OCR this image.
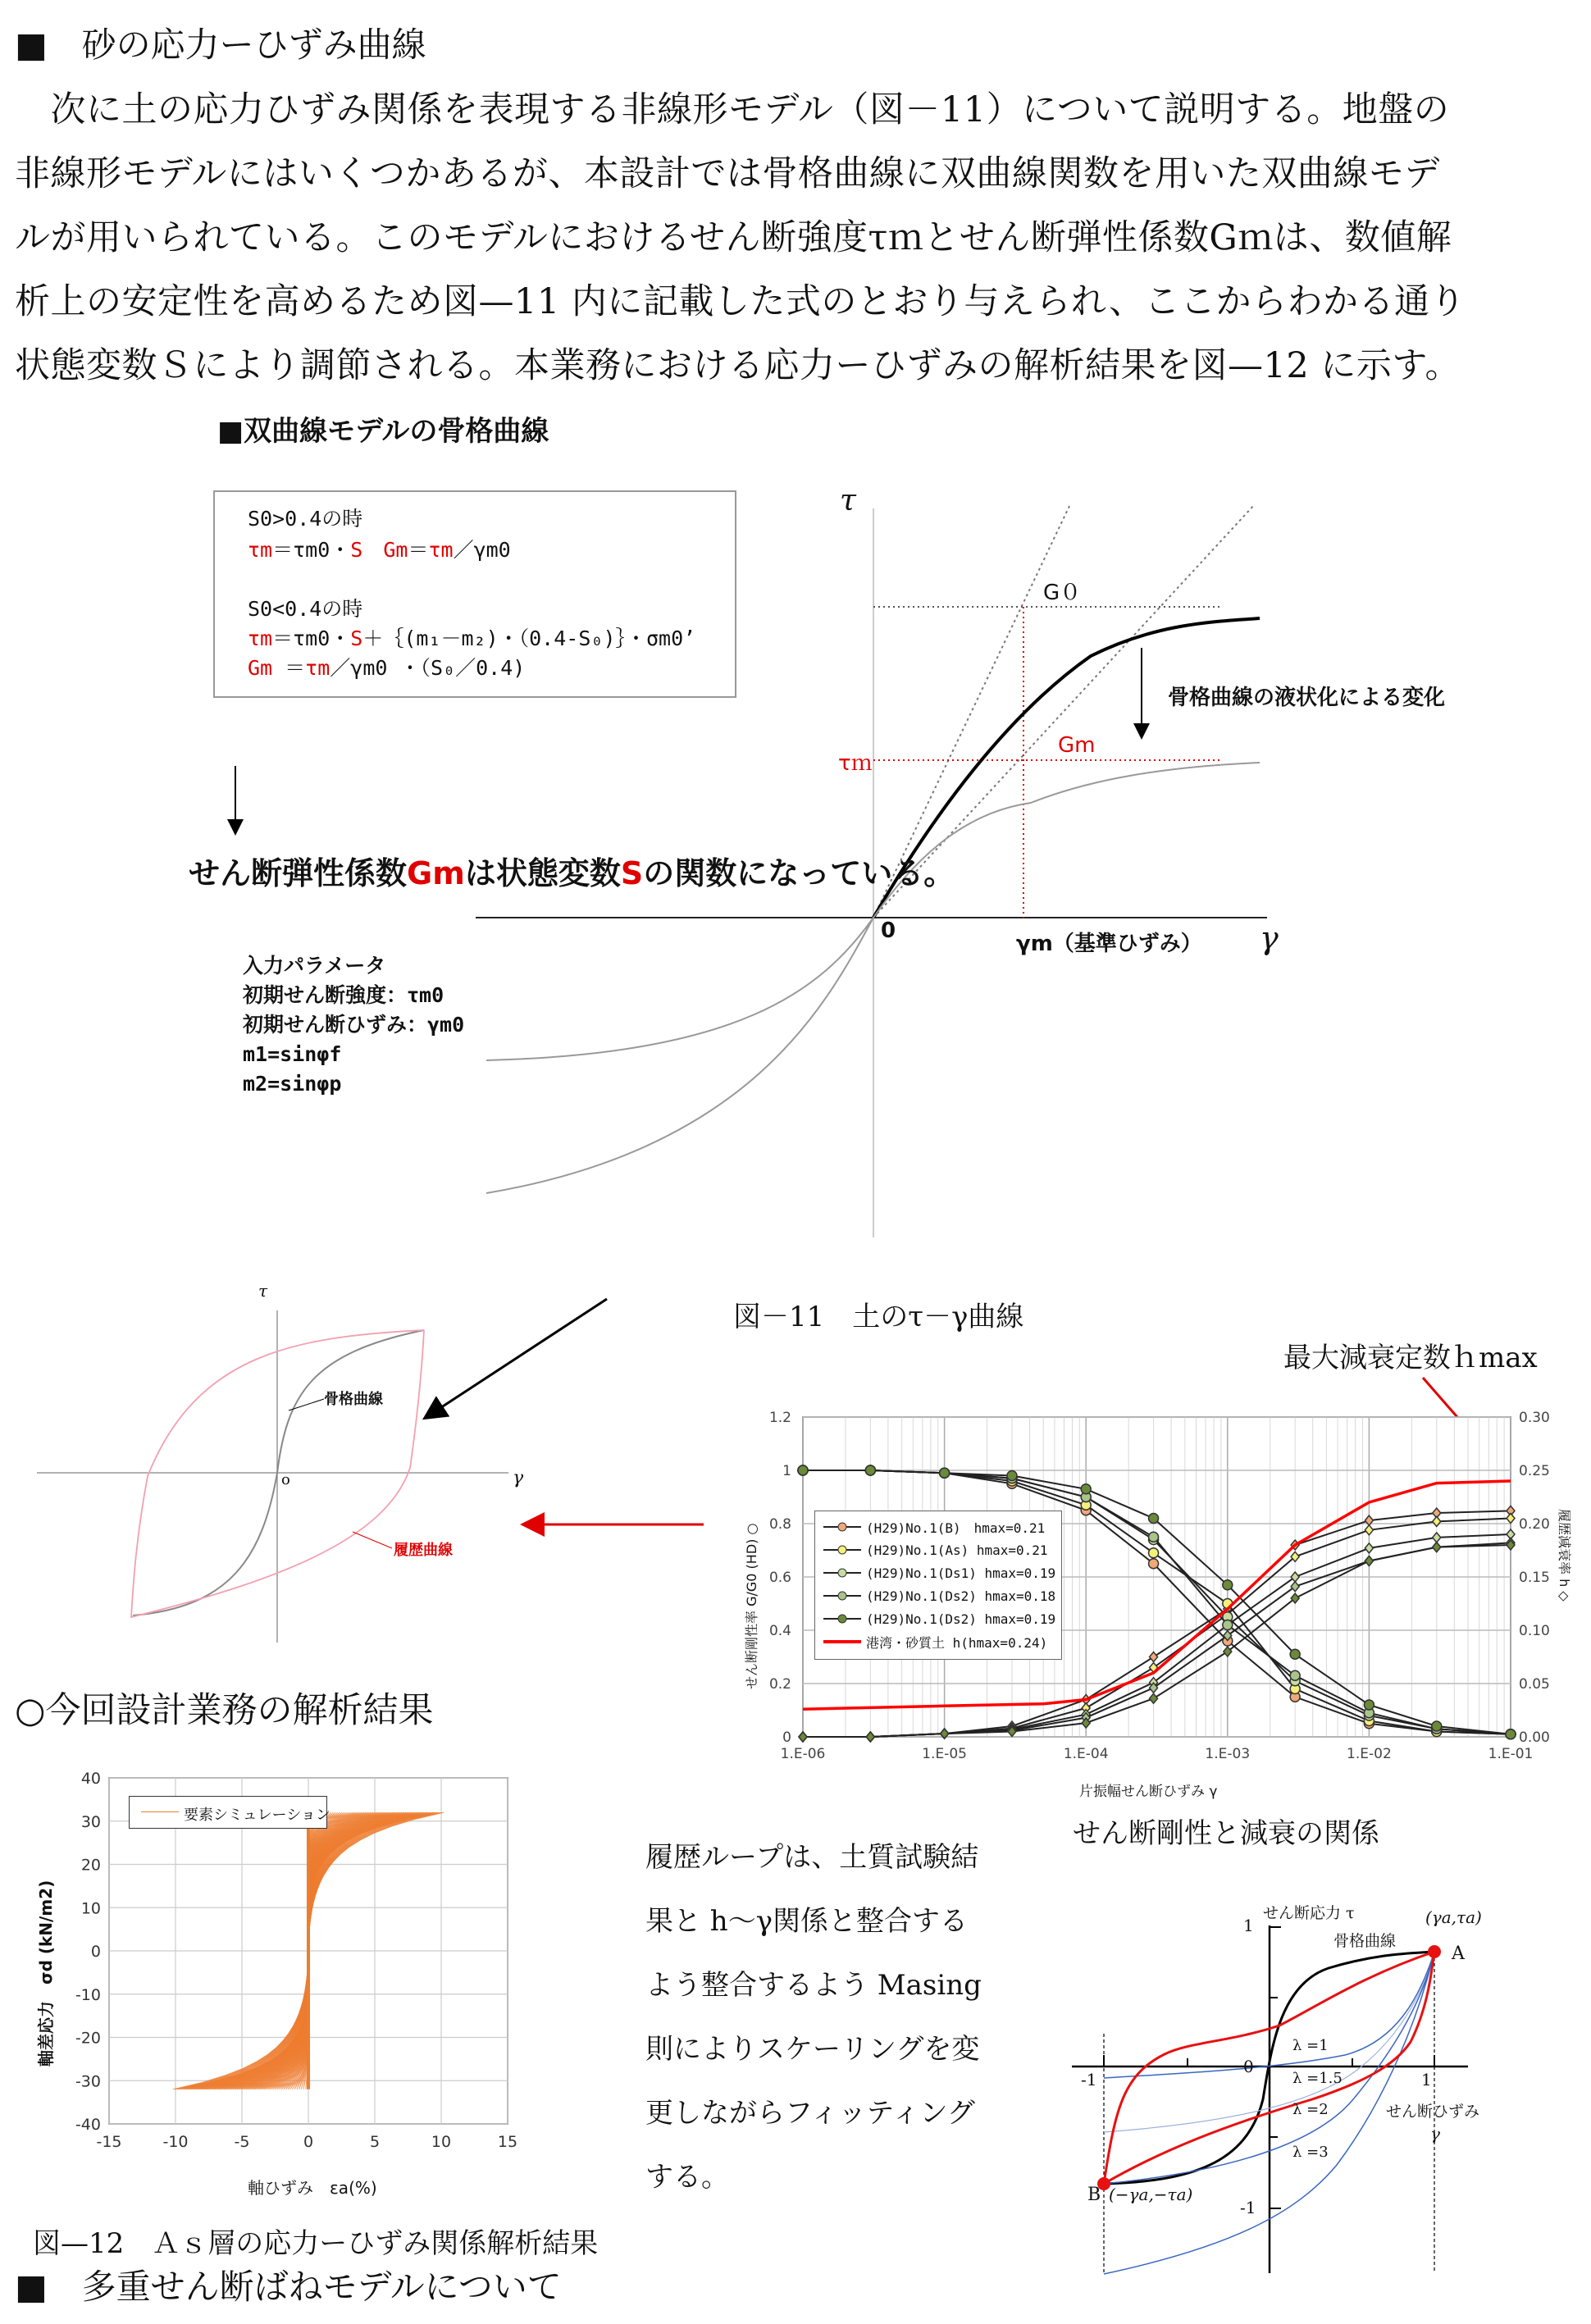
0
0.2
0.4
0.6
0.8
1
1.2
0.00
0.05
0.10
0.15
0.20
0.25
0.30
1.E-06	1.E-05	1.E-04	1.E-03	1.E-02	1.E-01
-15	-10	-5	0	5	10	15
-40
-30
-20
-10
0
10
20
30
40
■　砂の応力ーひずみ曲線
　次に土の応力ひずみ関係を表現する非線形モデル（図－11）について説明する。地盤の
非線形モデルにはいくつかあるが、本設計では骨格曲線に双曲線関数を用いた双曲線モデ
ルが用いられている。このモデルにおけるせん断強度τｍとせん断弾性係数Gｍは、数値解
析上の安定性を高めるため図—11 内に記載した式のとおり与えられ、ここからわかる通り
状態変数Ｓにより調節される。本業務における応力ーひずみの解析結果を図—12 に示す。
■双曲線モデルの骨格曲線
S0>0.4の時
τm＝τm0・S　 Gm＝τm／γm0
S0<0.4の時
τm＝τm0・S＋｛(m₁－m₂)・（0.4-S₀)｝・σm0’
Gm ＝τm／γm0 ・（S₀／0.4)
せん断弾性係数Gmは状態変数Sの関数になっている。
入力パラメータ
初期せん断強度：τm0
初期せん断ひずみ：γm0
m1=sinφf
m2=sinφp
τ
0
G０
τｍ
Gm
骨格曲線の液状化による変化
γm（基準ひずみ） γ
τ
o	γ
骨格曲線
履歴曲線
図－11　土のτ－γ曲線
最大減衰定数ｈmax
○今回設計業務の解析結果
(H29)No.1(B)　hmax=0.21
(H29)No.1(As) hmax=0.21
(H29)No.1(Ds1) hmax=0.19
(H29)No.1(Ds2) hmax=0.18
(H29)No.1(Ds2) hmax=0.19
港湾・砂質土 h(hmax=0.24)
片振幅せん断ひずみ γ
せん断剛性率 G/G0 (HD) ○	履歴減衰率 h ◇
せん断剛性と減衰の関係
要素シミュレーション
軸ひずみ　εa(%)
軸差応力　σd (kN/m2)
履歴ループは、土質試験結
果と h～γ関係と整合する
よう整合するよう Masing
則によりスケーリングを変
更しながらフィッティング
する。
せん断応力 τ
1
-1
0
1
-1
骨格曲線
(γa,τa)
A
B (−γa,−τa)
λ =1
λ =1.5
λ =2
λ =3
せん断ひずみ
γ
図—12　Ａｓ層の応力ーひずみ関係解析結果
■　多重せん断ばねモデルについて
